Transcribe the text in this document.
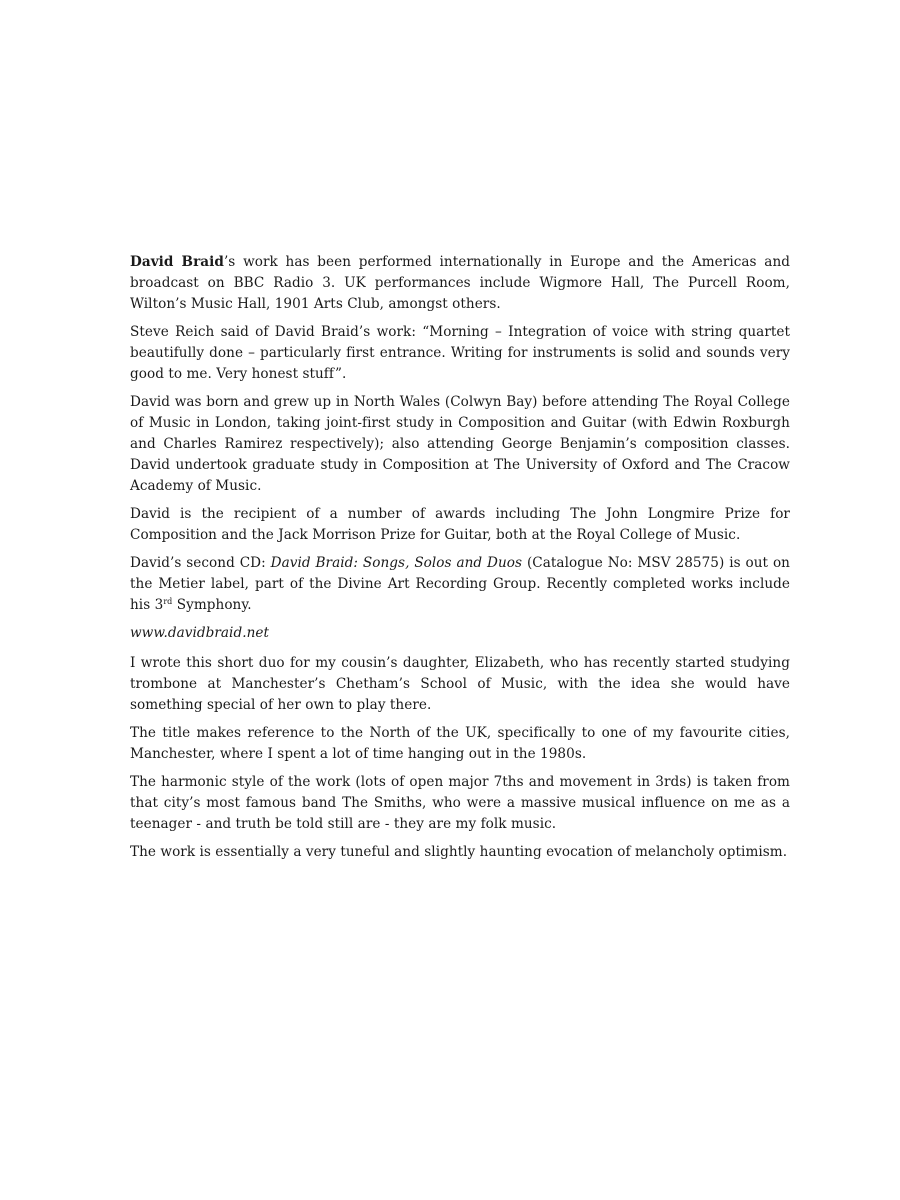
David Braid’s work has been performed internationally in Europe and the Americas and broadcast on BBC Radio 3. UK performances include Wigmore Hall, The Purcell Room, Wilton’s Music Hall, 1901 Arts Club, amongst others.

Steve Reich said of David Braid’s work: “Morning – Integration of voice with string quartet beautifully done – particularly first entrance. Writing for instruments is solid and sounds very good to me. Very honest stuff”.

David was born and grew up in North Wales (Colwyn Bay) before attending The Royal College of Music in London, taking joint-first study in Composition and Guitar (with Edwin Roxburgh and Charles Ramirez respectively); also attending George Benjamin’s composition classes. David undertook graduate study in Composition at The University of Oxford and The Cracow Academy of Music.

David is the recipient of a number of awards including The John Longmire Prize for Composition and the Jack Morrison Prize for Guitar, both at the Royal College of Music.

David’s second CD: David Braid: Songs, Solos and Duos (Catalogue No: MSV 28575) is out on the Metier label, part of the Divine Art Recording Group. Recently completed works include his 3rd Symphony.

www.davidbraid.net

I wrote this short duo for my cousin’s daughter, Elizabeth, who has recently started studying trombone at Manchester’s Chetham’s School of Music, with the idea she would have something special of her own to play there.

The title makes reference to the North of the UK, specifically to one of my favourite cities, Manchester, where I spent a lot of time hanging out in the 1980s.

The harmonic style of the work (lots of open major 7ths and movement in 3rds) is taken from that city’s most famous band The Smiths, who were a massive musical influence on me as a teenager - and truth be told still are - they are my folk music.

The work is essentially a very tuneful and slightly haunting evocation of melancholy optimism.
